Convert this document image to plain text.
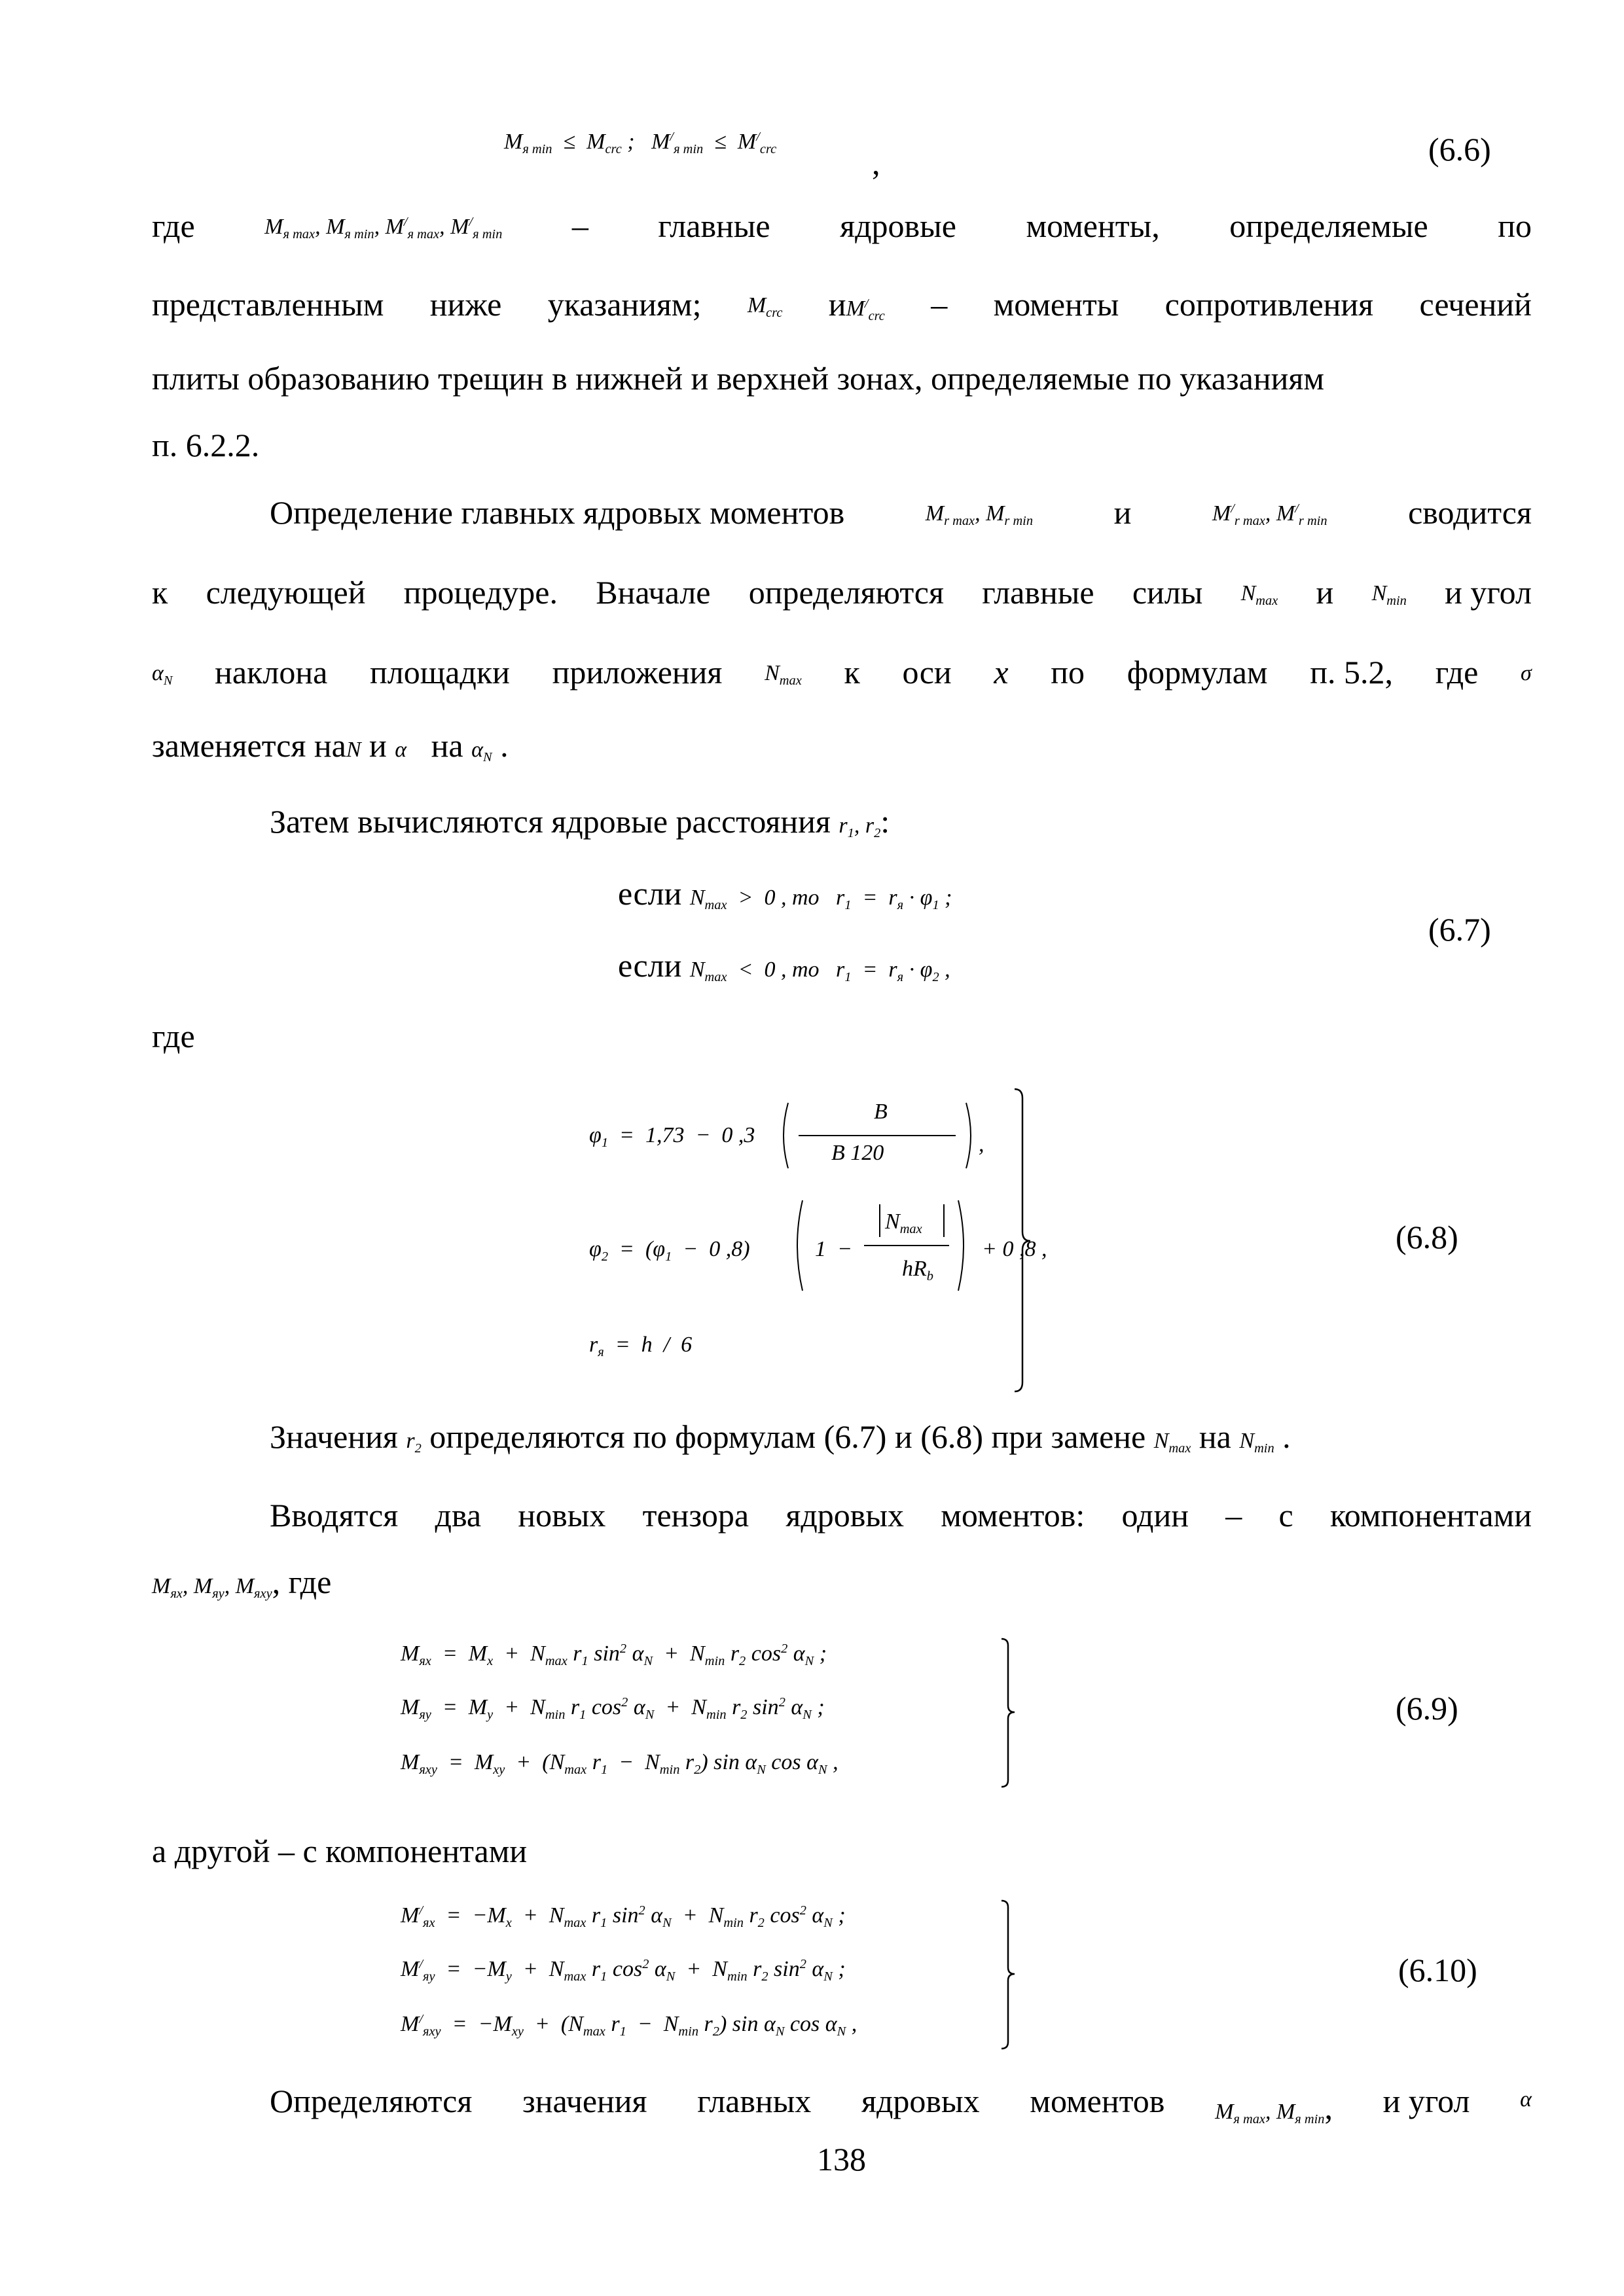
$M_{я min} \le M_{crc}$ ;   $M^/_{я min} \le M^/_{crc}$	,	(6.6)
где	$M_{я max}$, $M_{я min}$, $M^/_{я max}$, $M^/_{я min}$ – главные ядровые моменты, определяемые по
представленным ниже указаниям; $M_{crc}$ $иM^/_{crc}$ – моменты сопротивления сечений
плиты образованию трещин в нижней и верхней зонах, определяемые по указаниям
п. 6.2.2.
Определение главных ядровых моментов	$M_{r max}$, $M_{r min}$ и	$M^/_{r max}$, $M^/_{r min}$ сводится
к следующей процедуре. Вначале определяются главные силы $N_{max}$ и $N_{min}$ и угол
$\alpha_N$ наклона площадки приложения $N_{max}$ к оси x по формулам п. 5.2, где σ
заменяется наN и α на $\alpha_N$ .
Затем вычисляются ядровые расстояния $r_1$, $r_2$:
если $N_{max} > 0$ , то   $r_1 = r_я \cdot \varphi_1$ ;
если $N_{max} < 0$ , то   $r_1 = r_я \cdot \varphi_2$ ,
(6.7)
где
$\varphi_1 = 1,73 - 0$ ,3
B
B 120	,
$\varphi_2 = (\varphi_1 - 0$ ,8)	1  −
$N_{max}$
$hR_b$
+ 0 ,8 ,
$r_я = h / 6$
(6.8)
Значения $r_2$ определяются по формулам (6.7) и (6.8) при замене $N_{max}$ на $N_{min}$ .
Вводятся два новых тензора ядровых моментов: один – с компонентами
$M_{яx}$, $M_{яy}$, $M_{яxy}$, где
$M_{яx} = M_x + N_{max}$ $r_1$ $\sin^2 \alpha_N + N_{min}$ $r_2$ $\cos^2 \alpha_N$ ;
$M_{яy} = M_y + N_{min}$ $r_1$ $\cos^2 \alpha_N + N_{min}$ $r_2$ $\sin^2 \alpha_N$ ;
$M_{яxy} = M_{xy} + (N_{max}$ $r_1 - N_{min}$ $r_2$) $\sin \alpha_N$ $\cos \alpha_N$ ,
(6.9)
а другой – с компонентами
$M^/_{яx} = -M_x + N_{max}$ $r_1$ $\sin^2 \alpha_N + N_{min}$ $r_2$ $\cos^2 \alpha_N$ ;
$M^/_{яy} = -M_y + N_{max}$ $r_1$ $\cos^2 \alpha_N + N_{min}$ $r_2$ $\sin^2 \alpha_N$ ;
$M^/_{яxy} = -M_{xy} + (N_{max}$ $r_1 - N_{min}$ $r_2$) $\sin \alpha_N$ $\cos \alpha_N$ ,
(6.10)
Определяются значения главных ядровых моментов $M_{я max}$, $M_{я min}$, и угол α
138
